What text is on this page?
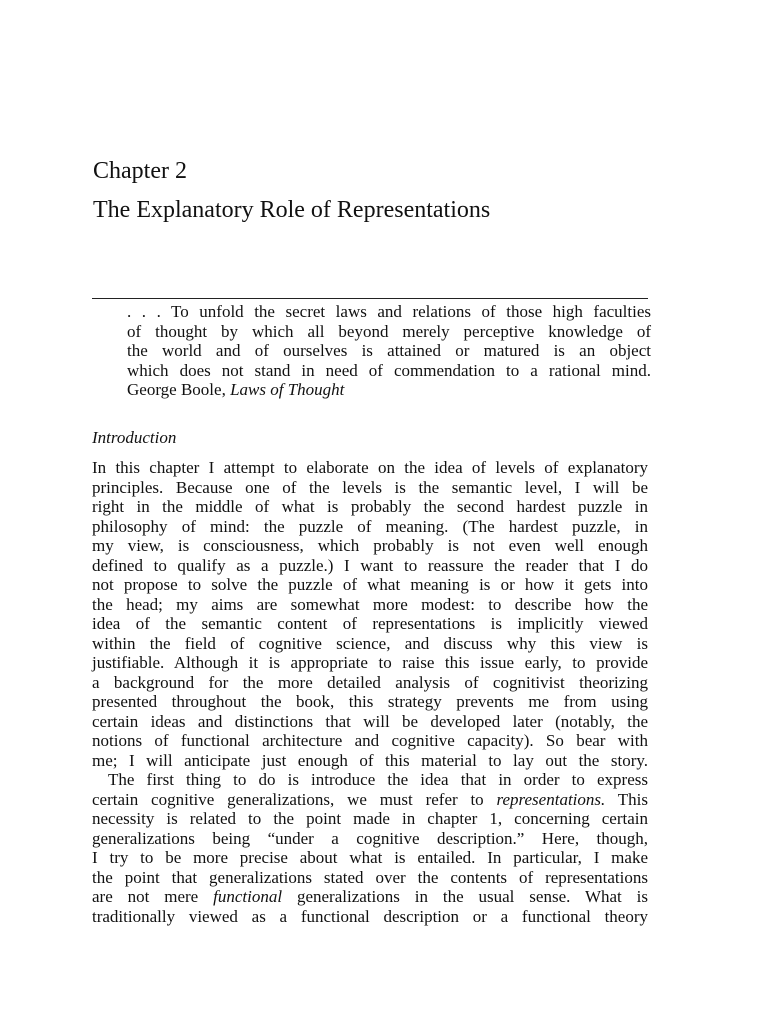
Chapter 2
The Explanatory Role of Representations
. . . To unfold the secret laws and relations of those high faculties
of thought by which all beyond merely perceptive knowledge of
the world and of ourselves is attained or matured is an object
which does not stand in need of commendation to a rational mind.
George Boole, Laws of Thought
Introduction
In this chapter I attempt to elaborate on the idea of levels of explanatory
principles. Because one of the levels is the semantic level, I will be
right in the middle of what is probably the second hardest puzzle in
philosophy of mind: the puzzle of meaning. (The hardest puzzle, in
my view, is consciousness, which probably is not even well enough
defined to qualify as a puzzle.) I want to reassure the reader that I do
not propose to solve the puzzle of what meaning is or how it gets into
the head; my aims are somewhat more modest: to describe how the
idea of the semantic content of representations is implicitly viewed
within the field of cognitive science, and discuss why this view is
justifiable. Although it is appropriate to raise this issue early, to provide
a background for the more detailed analysis of cognitivist theorizing
presented throughout the book, this strategy prevents me from using
certain ideas and distinctions that will be developed later (notably, the
notions of functional architecture and cognitive capacity). So bear with
me; I will anticipate just enough of this material to lay out the story.
The first thing to do is introduce the idea that in order to express
certain cognitive generalizations, we must refer to representations. This
necessity is related to the point made in chapter 1, concerning certain
generalizations being “under a cognitive description.” Here, though,
I try to be more precise about what is entailed. In particular, I make
the point that generalizations stated over the contents of representations
are not mere functional generalizations in the usual sense. What is
traditionally viewed as a functional description or a functional theory
